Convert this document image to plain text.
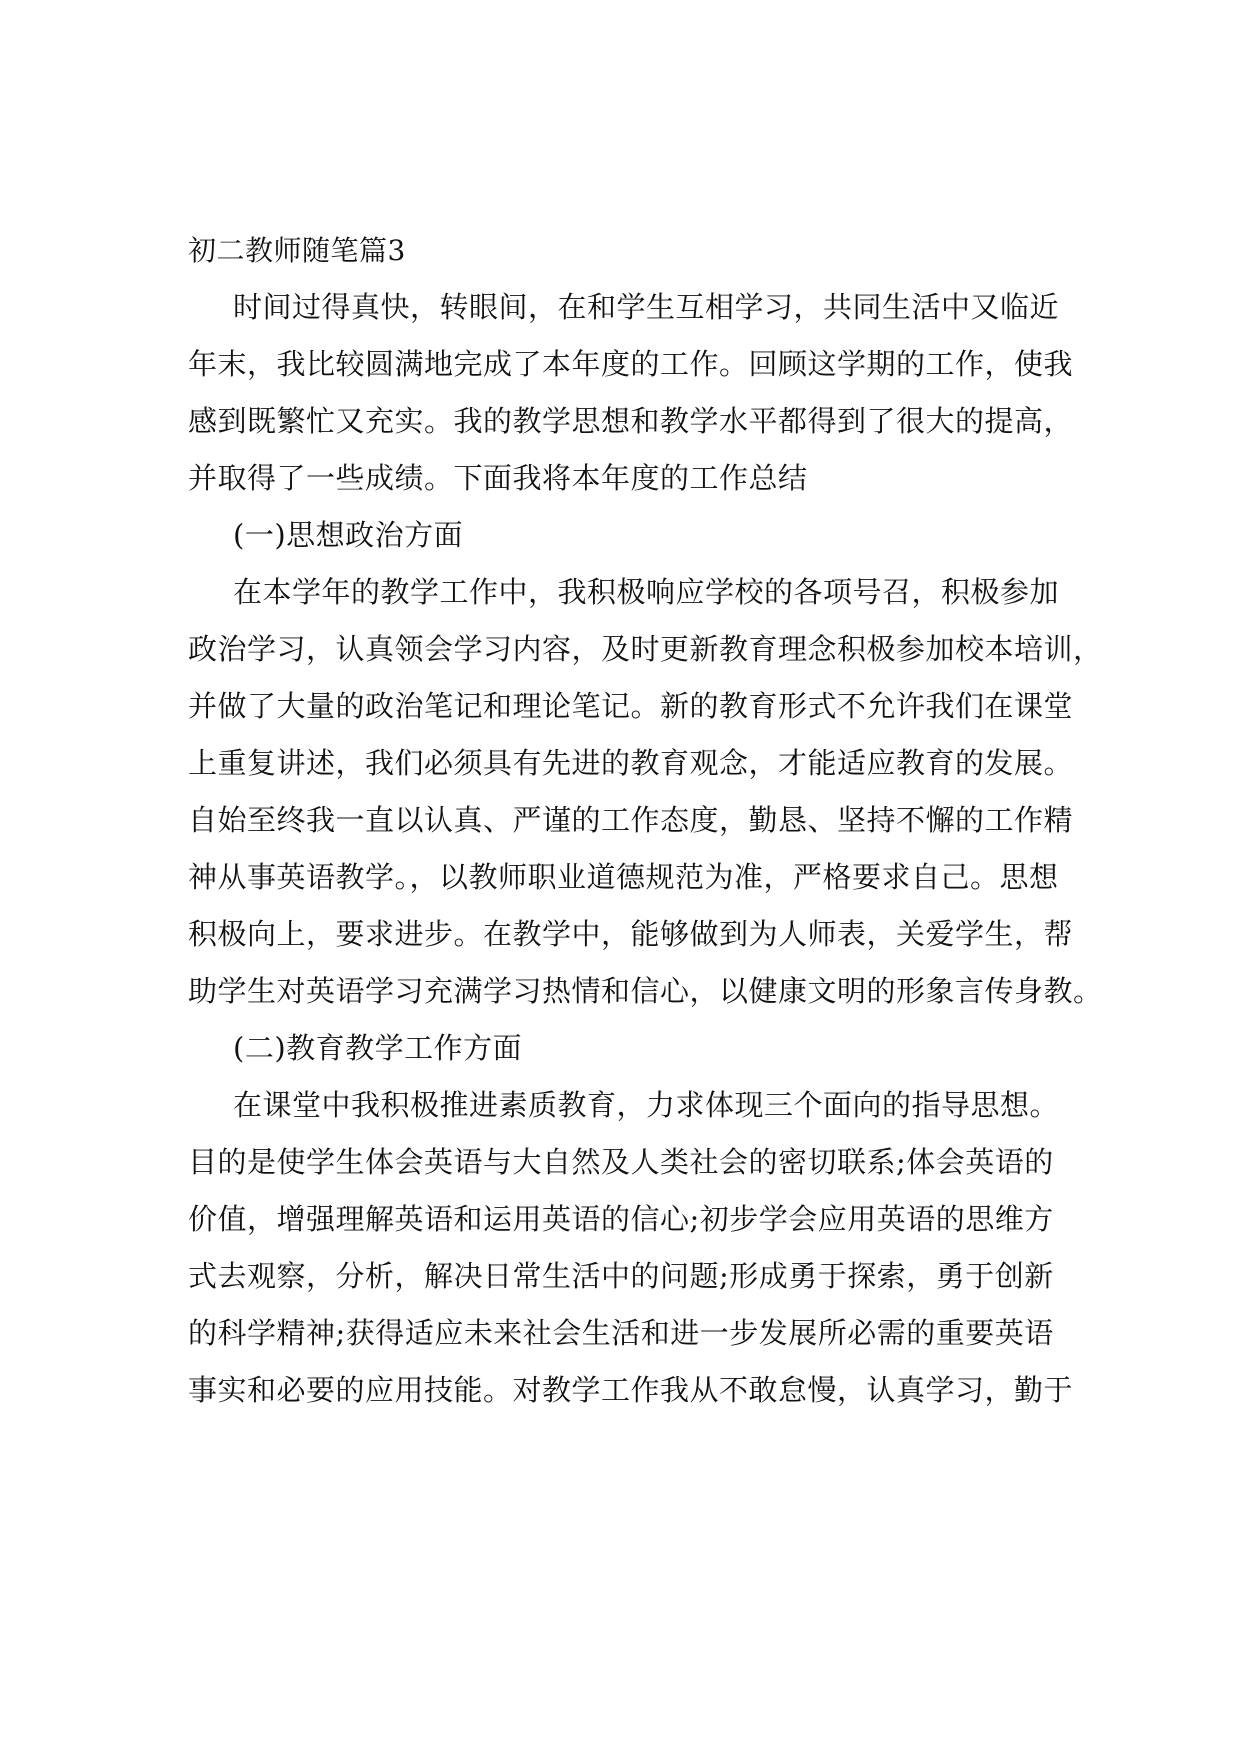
初二教师随笔篇3
时间过得真快，转眼间，在和学生互相学习，共同生活中又临近
年末，我比较圆满地完成了本年度的工作。回顾这学期的工作，使我
感到既繁忙又充实。我的教学思想和教学水平都得到了很大的提高，
并取得了一些成绩。下面我将本年度的工作总结
(一)思想政治方面
在本学年的教学工作中，我积极响应学校的各项号召，积极参加
政治学习，认真领会学习内容，及时更新教育理念积极参加校本培训，
并做了大量的政治笔记和理论笔记。新的教育形式不允许我们在课堂
上重复讲述，我们必须具有先进的教育观念，才能适应教育的发展。
自始至终我一直以认真、严谨的工作态度，勤恳、坚持不懈的工作精
神从事英语教学。，以教师职业道德规范为准，严格要求自己。思想
积极向上，要求进步。在教学中，能够做到为人师表，关爱学生，帮
助学生对英语学习充满学习热情和信心，以健康文明的形象言传身教。
(二)教育教学工作方面
在课堂中我积极推进素质教育，力求体现三个面向的指导思想。
目的是使学生体会英语与大自然及人类社会的密切联系;体会英语的
价值，增强理解英语和运用英语的信心;初步学会应用英语的思维方
式去观察，分析，解决日常生活中的问题;形成勇于探索，勇于创新
的科学精神;获得适应未来社会生活和进一步发展所必需的重要英语
事实和必要的应用技能。对教学工作我从不敢怠慢，认真学习，勤于
